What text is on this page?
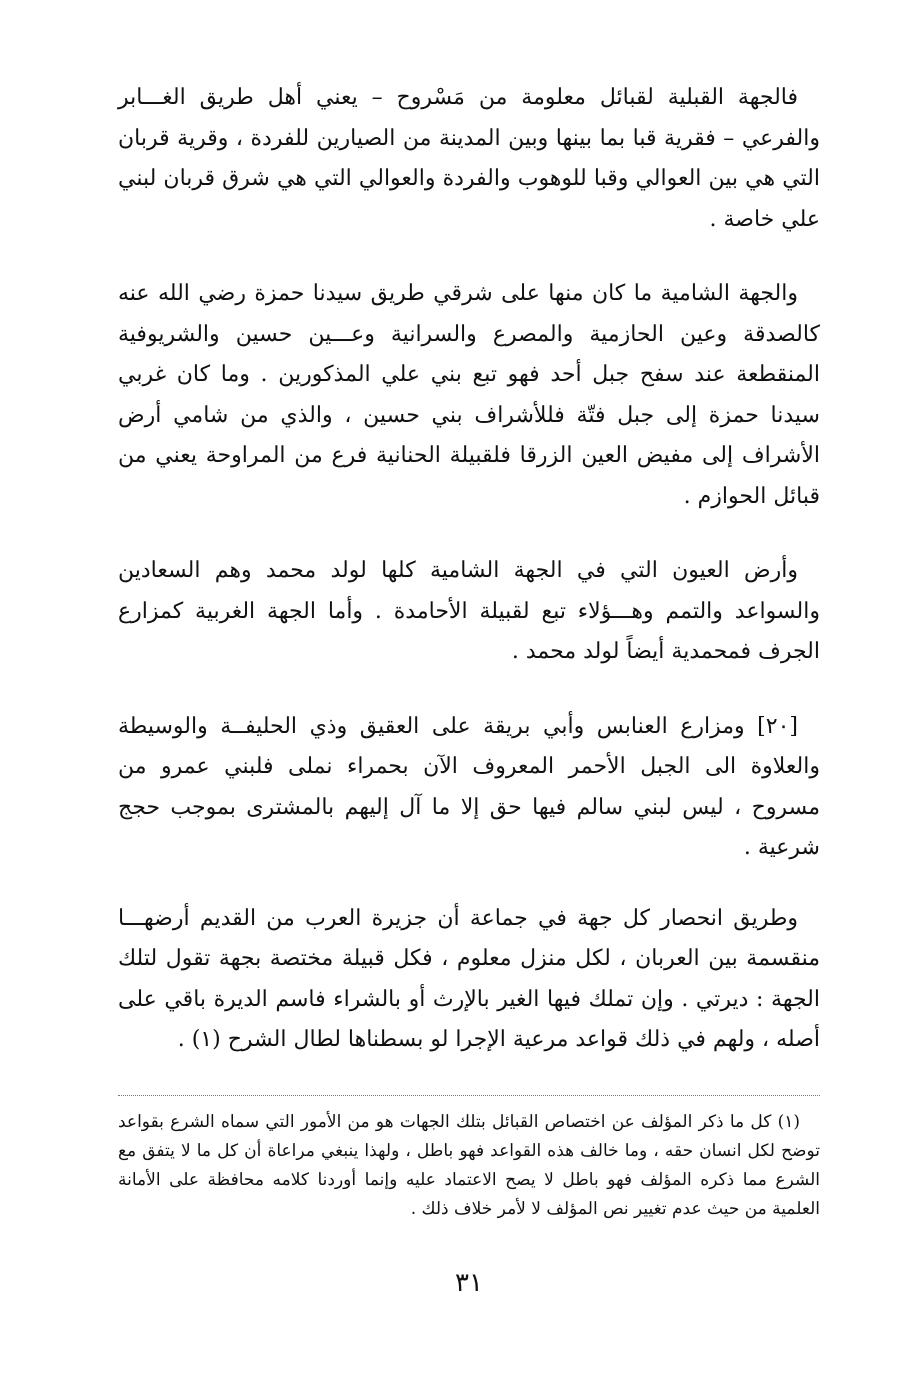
فالجهة القبلية لقبائل معلومة من مَسْروح – يعني أهل طريق الغـــابر والفرعي – فقرية قبا بما بينها وبين المدينة من الصيارين للفردة ، وقرية قربان التي هي بين العوالي وقبا للوهوب والفردة والعوالي التي هي شرق قربان لبني علي خاصة .

والجهة الشامية ما كان منها على شرقي طريق سيدنا حمزة رضي الله عنه كالصدقة وعين الحازمية والمصرع والسرانية وعـــين حسين والشريوفية المنقطعة عند سفح جبل أحد فهو تبع بني علي المذكورين . وما كان غربي سيدنا حمزة إلى جبل فتّة فللأشراف بني حسين ، والذي من شامي أرض الأشراف إلى مفيض العين الزرقا فلقبيلة الحنانية فرع من المراوحة يعني من قبائل الحوازم .

وأرض العيون التي في الجهة الشامية كلها لولد محمد وهم السعادين والسواعد والتمم وهـــؤلاء تبع لقبيلة الأحامدة . وأما الجهة الغربية كمزارع الجرف فمحمدية أيضاً لولد محمد .

[٢٠] ومزارع العنابس وأبي بريقة على العقيق وذي الحليفــة والوسيطة والعلاوة الى الجبل الأحمر المعروف الآن بحمراء نملى فلبني عمرو من مسروح ، ليس لبني سالم فيها حق إلا ما آل إليهم بالمشترى بموجب حجج شرعية .

وطريق انحصار كل جهة في جماعة أن جزيرة العرب من القديم أرضهـــا منقسمة بين العربان ، لكل منزل معلوم ، فكل قبيلة مختصة بجهة تقول لتلك الجهة : ديرتي . وإن تملك فيها الغير بالإرث أو بالشراء فاسم الديرة باقي على أصله ، ولهم في ذلك قواعد مرعية الإجرا لو بسطناها لطال الشرح (١) .

(١) كل ما ذكر المؤلف عن اختصاص القبائل بتلك الجهات هو من الأمور التي سماه الشرع بقواعد توضح لكل انسان حقه ، وما خالف هذه القواعد فهو باطل ، ولهذا ينبغي مراعاة أن كل ما لا يتفق مع الشرع مما ذكره المؤلف فهو باطل لا يصح الاعتماد عليه وإنما أوردنا كلامه محافظة على الأمانة العلمية من حيث عدم تغيير نص المؤلف لا لأمر خلاف ذلك .

٣١
